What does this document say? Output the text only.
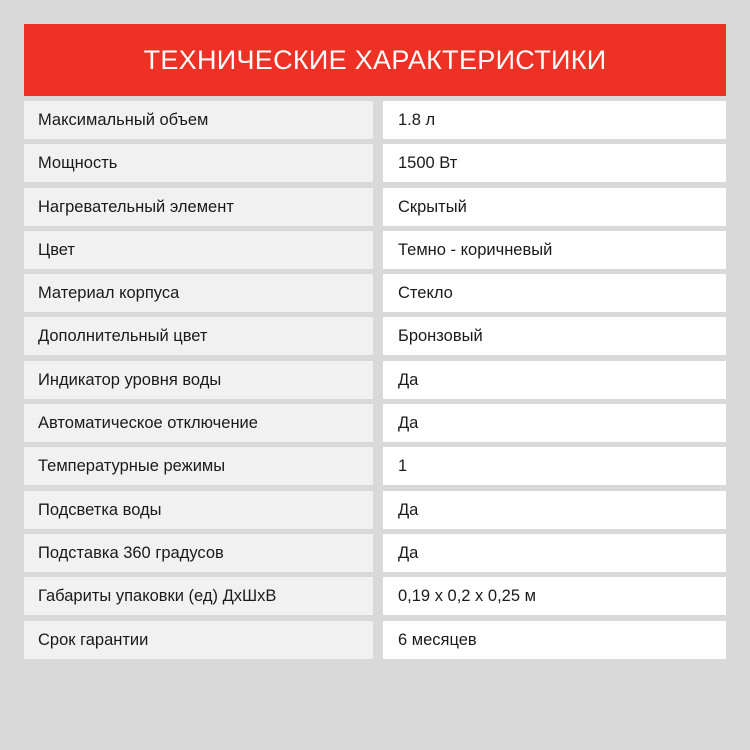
ТЕХНИЧЕСКИЕ ХАРАКТЕРИСТИКИ
Максимальный объем	1.8 л
Мощность	1500 Вт
Нагревательный элемент	Скрытый
Цвет	Темно - коричневый
Материал корпуса	Стекло
Дополнительный цвет	Бронзовый
Индикатор уровня воды	Да
Автоматическое отключение	Да
Температурные режимы	1
Подсветка воды	Да
Подставка 360 градусов	Да
Габариты упаковки (ед) ДхШхВ	0,19 х 0,2 х 0,25 м
Срок гарантии	6 месяцев
